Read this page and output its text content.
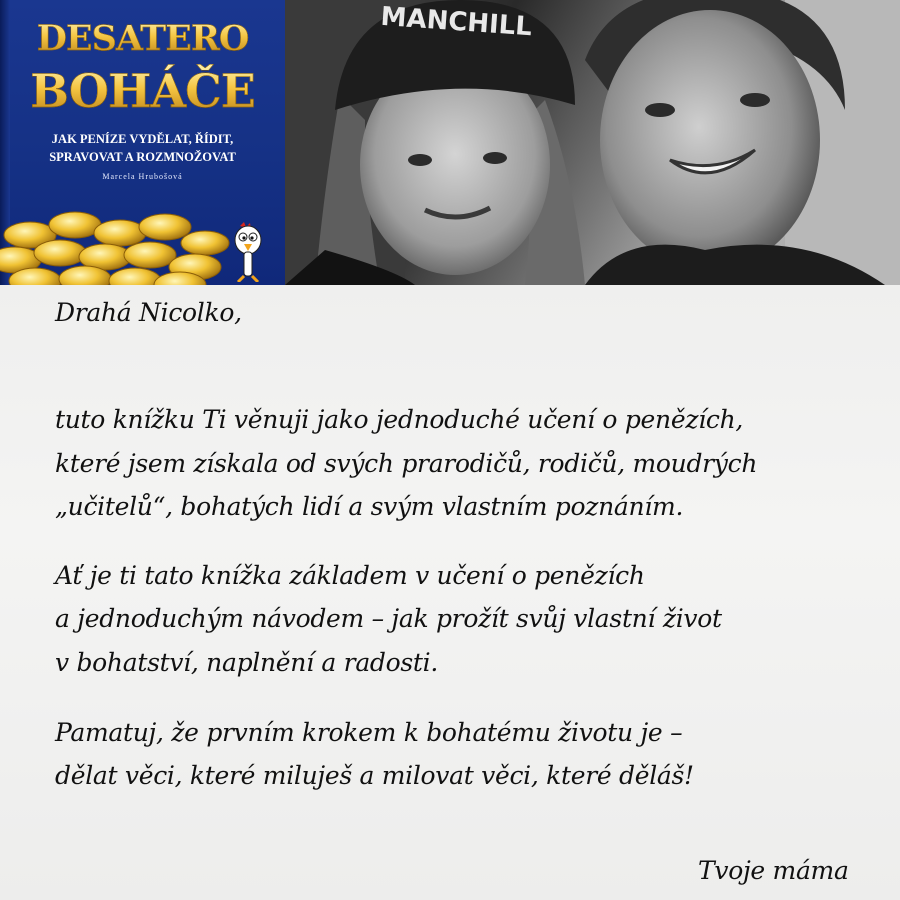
DESATERO
BOHÁČE
JAK PENÍZE VYDĚLAT, ŘÍDIT,
SPRAVOVAT A ROZMNOŽOVAT
Marcela Hrubošová
MANCHILL
Drahá Nicolko,
tuto knížku Ti věnuji jako jednoduché učení o penězích,
které jsem získala od svých prarodičů, rodičů, moudrých
„učitelů“, bohatých lidí a svým vlastním poznáním.
Ať je ti tato knížka základem v učení o penězích
a jednoduchým návodem – jak prožít svůj vlastní život
v bohatství, naplnění a radosti.
Pamatuj, že prvním krokem k bohatému životu je –
dělat věci, které miluješ a milovat věci, které děláš!
Tvoje máma
